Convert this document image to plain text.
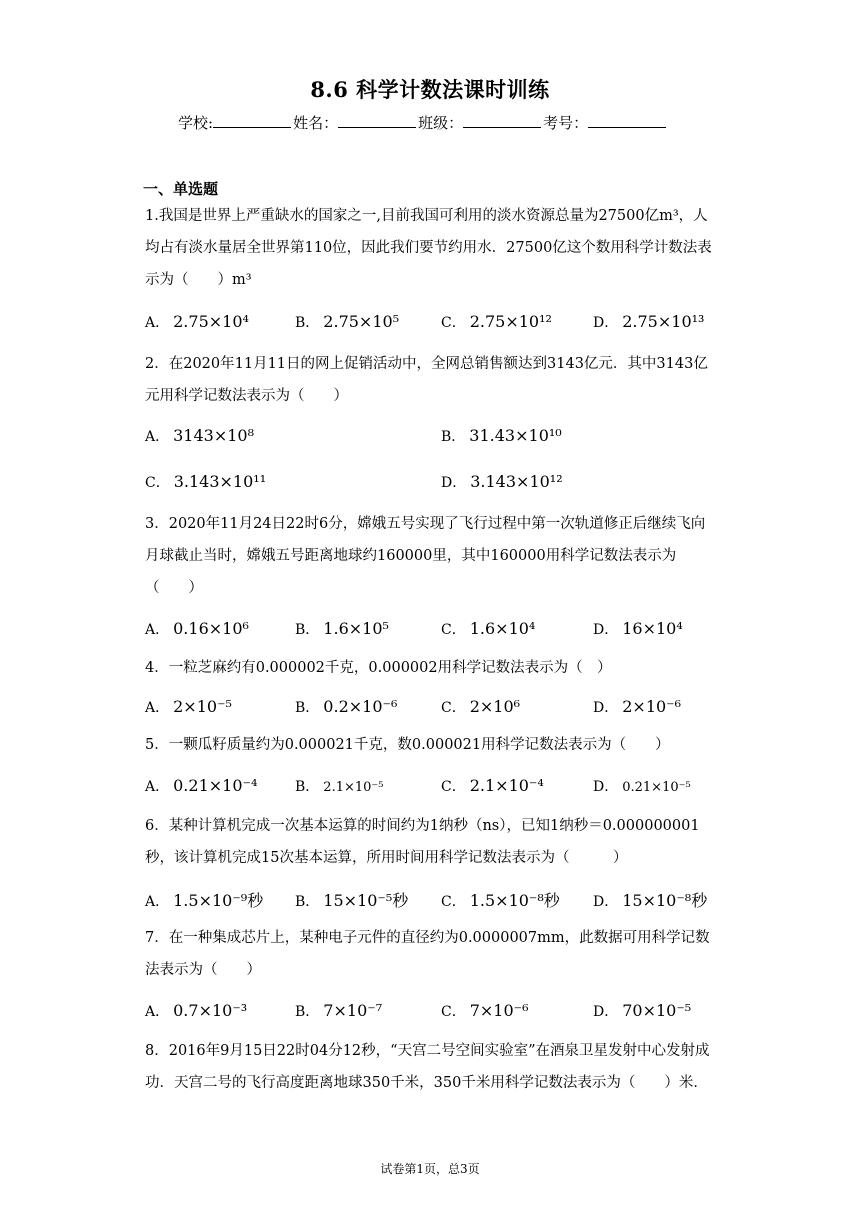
8.6 科学计数法课时训练
学校:	姓名：	班级：	考号：
一、单选题
1.我国是世界上严重缺水的国家之一,目前我国可利用的淡水资源总量为27500亿m³，人均占有淡水量居全世界第110位，因此我们要节约用水．27500亿这个数用科学计数法表示为（　　）m³
A． 2.75×10⁴	B． 2.75×10⁵	C． 2.75×10¹²	D． 2.75×10¹³
2．在2020年11月11日的网上促销活动中，全网总销售额达到3143亿元．其中3143亿元用科学记数法表示为（　　）
A． 3143×10⁸	B． 31.43×10¹⁰
C． 3.143×10¹¹	D． 3.143×10¹²
3．2020年11月24日22时6分，嫦娥五号实现了飞行过程中第一次轨道修正后继续飞向月球截止当时，嫦娥五号距离地球约160000里，其中160000用科学记数法表示为（　　）
A． 0.16×10⁶	B． 1.6×10⁵	C． 1.6×10⁴	D． 16×10⁴
4．一粒芝麻约有0.000002千克，0.000002用科学记数法表示为（　）
A． 2×10⁻⁵	B． 0.2×10⁻⁶	C． 2×10⁶	D． 2×10⁻⁶
5．一颗瓜籽质量约为0.000021千克，数0.000021用科学记数法表示为（　　）
A． 0.21×10⁻⁴	B． 2.1×10⁻⁵	C． 2.1×10⁻⁴	D． 0.21×10⁻⁵
6．某种计算机完成一次基本运算的时间约为1纳秒（ns），已知1纳秒＝0.000000001秒，该计算机完成15次基本运算，所用时间用科学记数法表示为（　　　）
A． 1.5×10⁻⁹秒 B． 15×10⁻⁵秒 C． 1.5×10⁻⁸秒 D． 15×10⁻⁸秒
7．在一种集成芯片上，某种电子元件的直径约为0.0000007mm，此数据可用科学记数法表示为（　　）
A． 0.7×10⁻³	B． 7×10⁻⁷	C． 7×10⁻⁶	D． 70×10⁻⁵
8．2016年9月15日22时04分12秒，“天宫二号空间实验室”在酒泉卫星发射中心发射成功．天宫二号的飞行高度距离地球350千米，350千米用科学记数法表示为（　　）米．
试卷第1页，总3页
